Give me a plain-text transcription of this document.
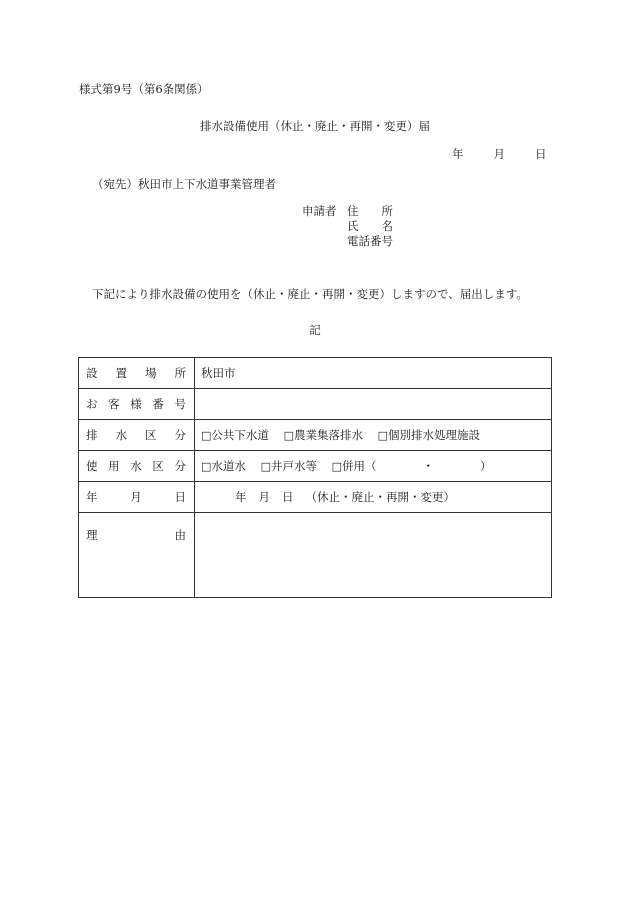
様式第9号（第6条関係）
排水設備使用（休止・廃止・再開・変更）届
年	月	日
（宛先）秋田市上下水道事業管理者
申請者 住　　所
氏　　名
電話番号
下記により排水設備の使用を（休止・廃止・再開・変更）しますので、届出します。
記
設置場所	秋田市
お客様番号	
排水区分	□公共下水道 □農業集落排水 □個別排水処理施設
使用水区分	□水道水 □井戸水等 □併用（　　　　・　　　　）
年月日	年 月 日 （休止・廃止・再開・変更）
理由	
